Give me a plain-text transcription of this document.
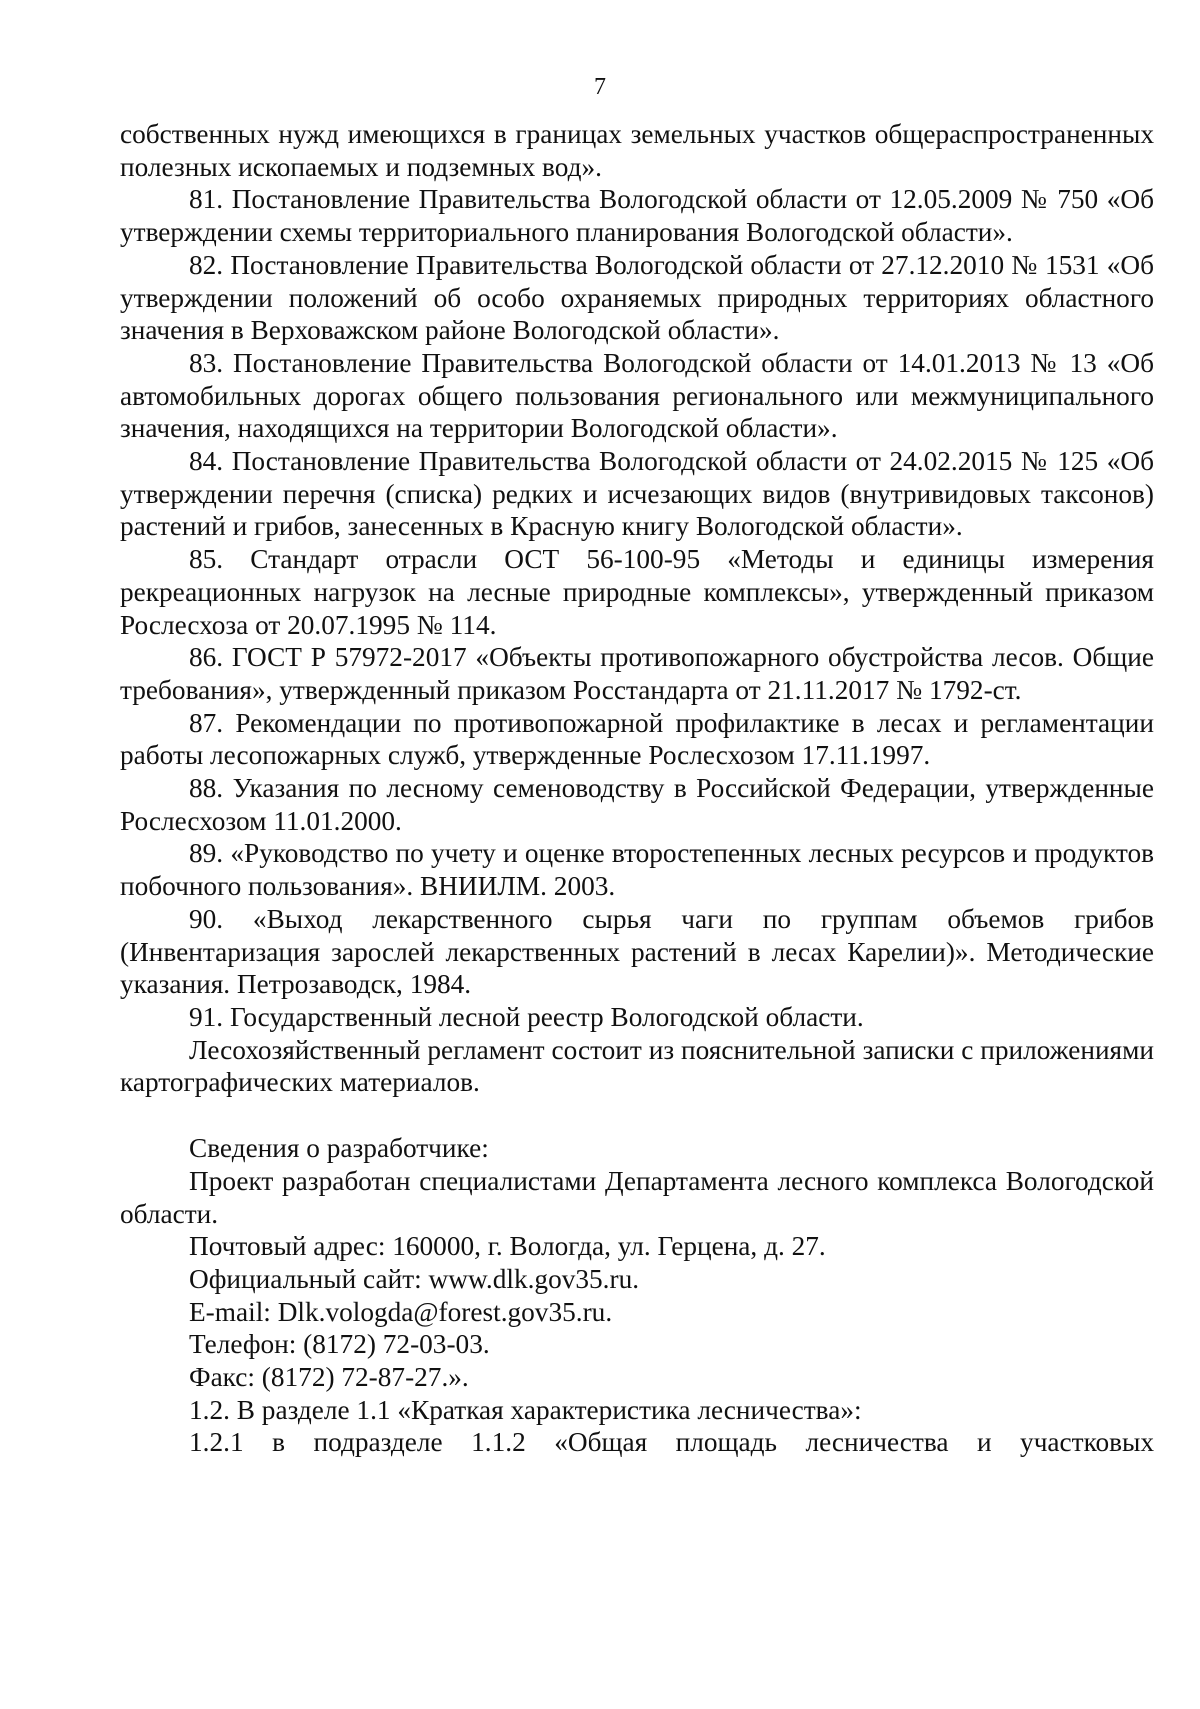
7

собственных нужд имеющихся в границах земельных участков общераспространенных полезных ископаемых и подземных вод».

81. Постановление Правительства Вологодской области от 12.05.2009 № 750 «Об утверждении схемы территориального планирования Вологодской области».

82. Постановление Правительства Вологодской области от 27.12.2010 № 1531 «Об утверждении положений об особо охраняемых природных территориях областного значения в Верховажском районе Вологодской области».

83. Постановление Правительства Вологодской области от 14.01.2013 № 13 «Об автомобильных дорогах общего пользования регионального или межмуниципального значения, находящихся на территории Вологодской области».

84. Постановление Правительства Вологодской области от 24.02.2015 № 125 «Об утверждении перечня (списка) редких и исчезающих видов (внутривидовых таксонов) растений и грибов, занесенных в Красную книгу Вологодской области».

85. Стандарт отрасли ОСТ 56-100-95 «Методы и единицы измерения рекреационных нагрузок на лесные природные комплексы», утвержденный приказом Рослесхоза от 20.07.1995 № 114.

86. ГОСТ Р 57972-2017 «Объекты противопожарного обустройства лесов. Общие требования», утвержденный приказом Росстандарта от 21.11.2017 № 1792-ст.

87. Рекомендации по противопожарной профилактике в лесах и регламентации работы лесопожарных служб, утвержденные Рослесхозом 17.11.1997.

88. Указания по лесному семеноводству в Российской Федерации, утвержденные Рослесхозом 11.01.2000.

89. «Руководство по учету и оценке второстепенных лесных ресурсов и продуктов побочного пользования». ВНИИЛМ. 2003.

90. «Выход лекарственного сырья чаги по группам объемов грибов (Инвентаризация зарослей лекарственных растений в лесах Карелии)». Методические указания. Петрозаводск, 1984.

91. Государственный лесной реестр Вологодской области.

Лесохозяйственный регламент состоит из пояснительной записки с приложениями картографических материалов.

Сведения о разработчике:

Проект разработан специалистами Департамента лесного комплекса Вологодской области.

Почтовый адрес: 160000, г. Вологда, ул. Герцена, д. 27.

Официальный сайт: www.dlk.gov35.ru.

E-mail: Dlk.vologda@forest.gov35.ru.

Телефон: (8172) 72-03-03.

Факс: (8172) 72-87-27.».

1.2. В разделе 1.1 «Краткая характеристика лесничества»:

1.2.1 в подразделе 1.1.2 «Общая площадь лесничества и участковых
